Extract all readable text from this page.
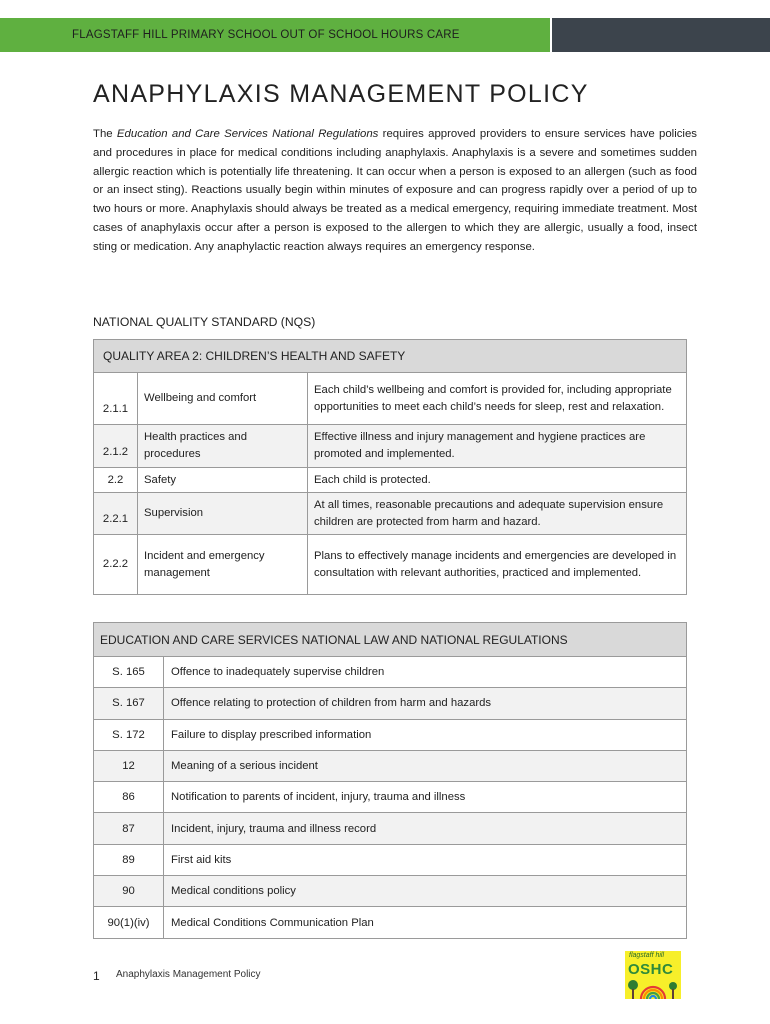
FLAGSTAFF HILL PRIMARY SCHOOL OUT OF SCHOOL HOURS CARE
ANAPHYLAXIS MANAGEMENT POLICY

The Education and Care Services National Regulations requires approved providers to ensure services have policies and procedures in place for medical conditions including anaphylaxis. Anaphylaxis is a severe and sometimes sudden allergic reaction which is potentially life threatening. It can occur when a person is exposed to an allergen (such as food or an insect sting). Reactions usually begin within minutes of exposure and can progress rapidly over a period of up to two hours or more. Anaphylaxis should always be treated as a medical emergency, requiring immediate treatment. Most cases of anaphylaxis occur after a person is exposed to the allergen to which they are allergic, usually a food, insect sting or medication. Any anaphylactic reaction always requires an emergency response.

NATIONAL QUALITY STANDARD (NQS)
QUALITY AREA 2: CHILDREN’S HEALTH AND SAFETY		
2.1.1	Wellbeing and comfort	Each child’s wellbeing and comfort is provided for, including appropriate opportunities to meet each child’s needs for sleep, rest and relaxation.
2.1.2	Health practices and procedures	Effective illness and injury management and hygiene practices are promoted and implemented.
2.2	Safety	Each child is protected.
2.2.1	Supervision	At all times, reasonable precautions and adequate supervision ensure children are protected from harm and hazard.
2.2.2	Incident and emergency management	Plans to effectively manage incidents and emergencies are developed in consultation with relevant authorities, practiced and implemented.
EDUCATION AND CARE SERVICES NATIONAL LAW AND NATIONAL REGULATIONS	
S. 165	Offence to inadequately supervise children
S. 167	Offence relating to protection of children from harm and hazards
S. 172	Failure to display prescribed information
12	Meaning of a serious incident
86	Notification to parents of incident, injury, trauma and illness
87	Incident, injury, trauma and illness record
89	First aid kits
90	Medical conditions policy
90(1)(iv)	Medical Conditions Communication Plan
1 Anaphylaxis Management Policy
flagstaff hill
OSHC
